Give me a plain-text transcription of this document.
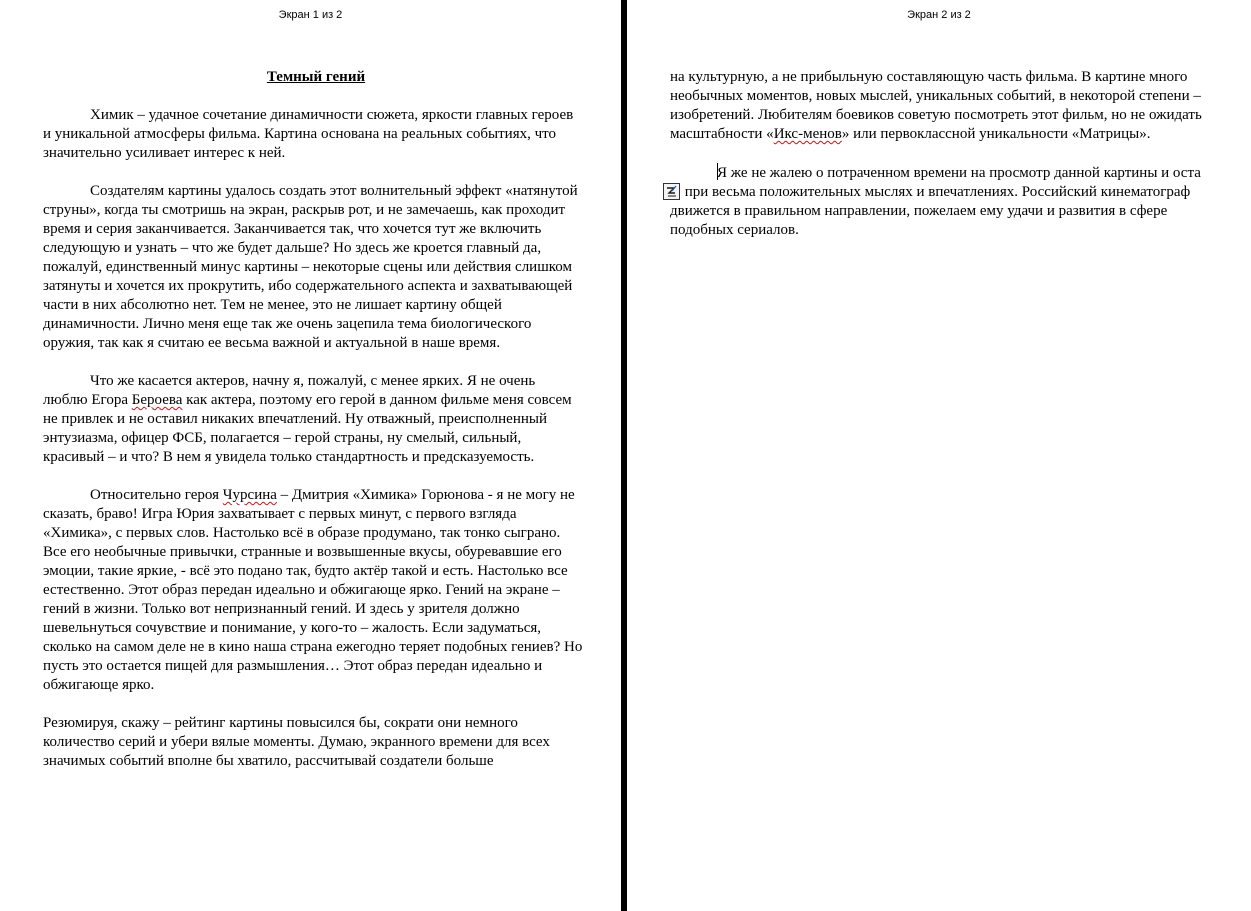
Экран 1 из 2
Темный гений

Химик – удачное сочетание динамичности сюжета, яркости главных героев и уникальной атмосферы фильма. Картина основана на реальных событиях, что значительно усиливает интерес к ней.

Создателям картины удалось создать этот волнительный эффект «натянутой струны», когда ты смотришь на экран, раскрыв рот, и не замечаешь, как проходит время и серия заканчивается. Заканчивается так, что хочется тут же включить следующую и узнать – что же будет дальше? Но здесь же кроется главный да, пожалуй, единственный минус картины – некоторые сцены или действия слишком затянуты и хочется их прокрутить, ибо содержательного аспекта и захватывающей части в них абсолютно нет. Тем не менее, это не лишает картину общей динамичности. Лично меня еще так же очень зацепила тема биологического оружия, так как я считаю ее весьма важной и актуальной в наше время.

Что же касается актеров, начну я, пожалуй, с менее ярких. Я не очень люблю Егора Бероева как актера, поэтому его герой в данном фильме меня совсем не привлек и не оставил никаких впечатлений. Ну отважный, преисполненный энтузиазма, офицер ФСБ, полагается – герой страны, ну смелый, сильный, красивый – и что? В нем я увидела только стандартность и предсказуемость.

Относительно героя Чурсина – Дмитрия «Химика» Горюнова - я не могу не сказать, браво! Игра Юрия захватывает с первых минут, с первого взгляда «Химика», с первых слов. Настолько всё в образе продумано, так тонко сыграно. Все его необычные привычки, странные и возвышенные вкусы, обуревавшие его эмоции, такие яркие, - всё это подано так, будто актёр такой и есть. Настолько все естественно. Этот образ передан идеально и обжигающе ярко. Гений на экране – гений в жизни. Только вот непризнанный гений. И здесь у зрителя должно шевельнуться сочувствие и понимание, у кого-то – жалость. Если задуматься, сколько на самом деле не в кино наша страна ежегодно теряет подобных гениев? Но пусть это остается пищей для размышления… Этот образ передан идеально и обжигающе ярко.

Резюмируя, скажу – рейтинг картины повысился бы, сократи они немного количество серий и убери вялые моменты. Думаю, экранного времени для всех значимых событий вполне бы хватило, рассчитывай создатели больше

Экран 2 из 2

на культурную, а не прибыльную составляющую часть фильма. В картине много необычных моментов, новых мыслей, уникальных событий, в некоторой степени – изобретений. Любителям боевиков советую посмотреть этот фильм, но не ожидать масштабности «Икс-менов» или первоклассной уникальности «Матрицы».

Я же не жалею о потраченном времени на просмотр данной картины и оста
при весьма положительных мыслях и впечатлениях. Российский кинематограф движется в правильном направлении, пожелаем ему удачи и развития в сфере подобных сериалов.
